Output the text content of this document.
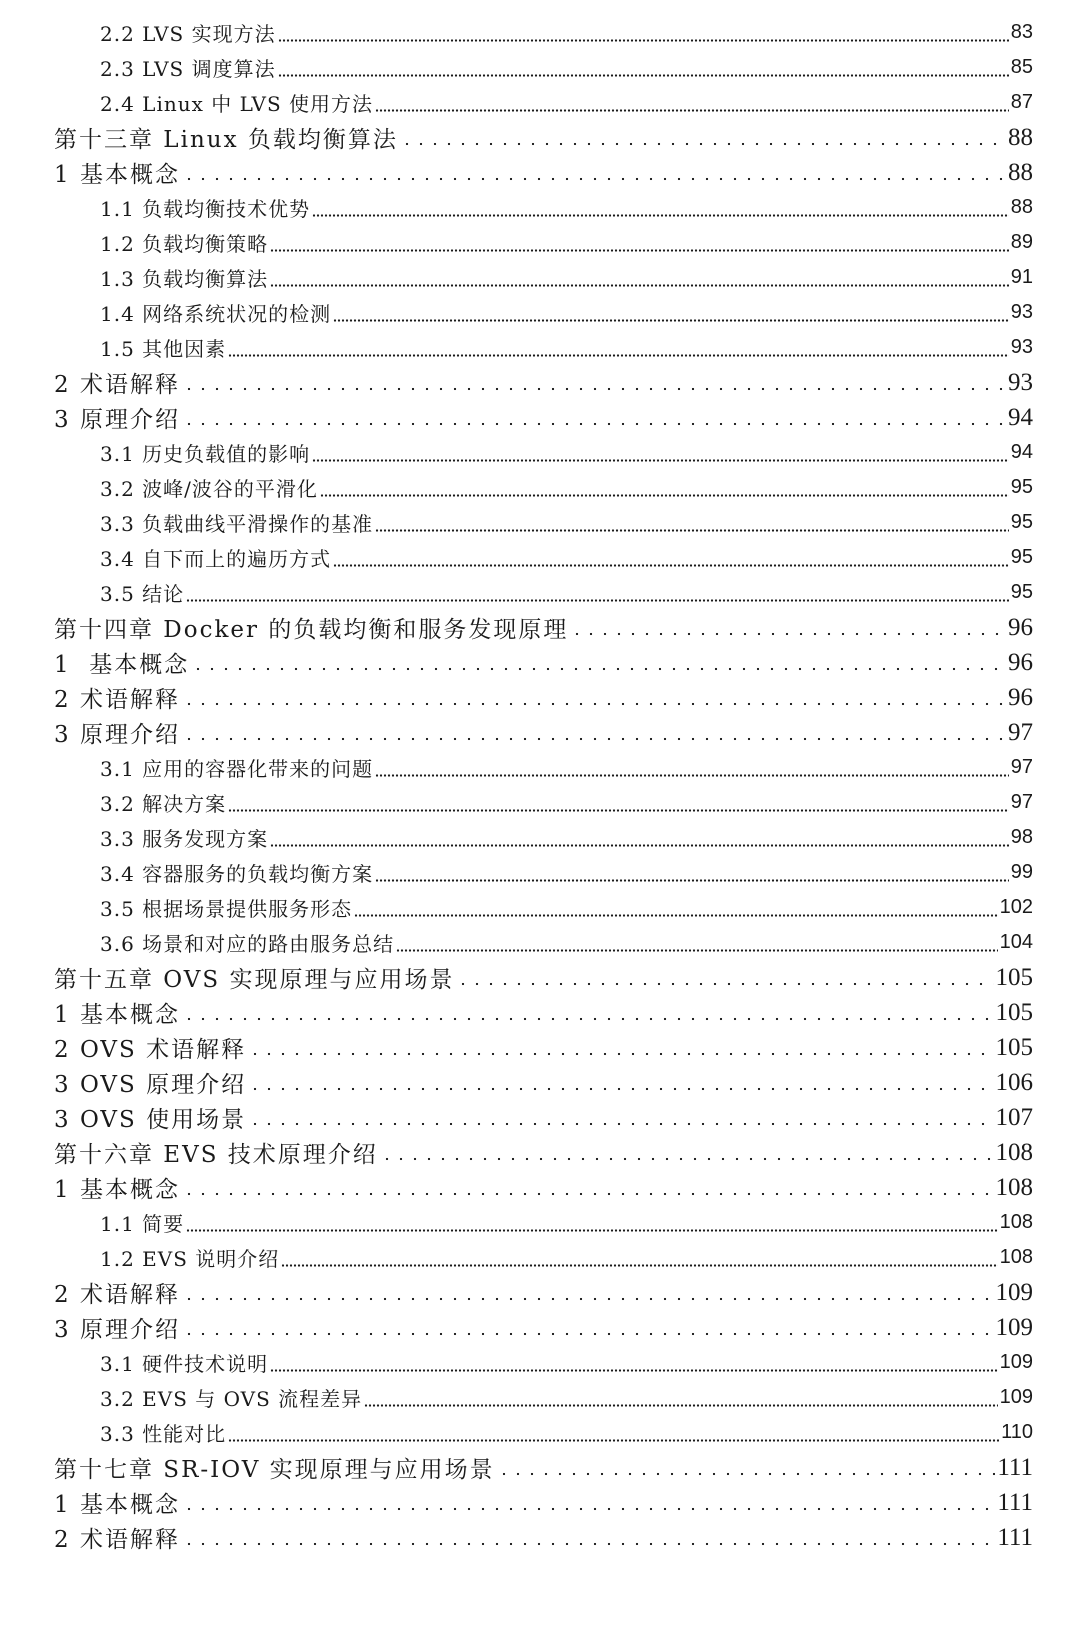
2.2 LVS 实现方法	83
2.3 LVS 调度算法	85
2.4 Linux 中 LVS 使用方法	87
第十三章 Linux 负载均衡算法	88
1 基本概念	88
1.1 负载均衡技术优势	88
1.2 负载均衡策略	89
1.3 负载均衡算法	91
1.4 网络系统状况的检测	93
1.5 其他因素	93
2 术语解释	93
3 原理介绍	94
3.1 历史负载值的影响	94
3.2 波峰/波谷的平滑化	95
3.3 负载曲线平滑操作的基准	95
3.4 自下而上的遍历方式	95
3.5 结论	95
第十四章 Docker 的负载均衡和服务发现原理	96
1  基本概念	96
2 术语解释	96
3 原理介绍	97
3.1 应用的容器化带来的问题	97
3.2 解决方案	97
3.3 服务发现方案	98
3.4 容器服务的负载均衡方案	99
3.5 根据场景提供服务形态	102
3.6 场景和对应的路由服务总结	104
第十五章 OVS 实现原理与应用场景	105
1 基本概念	105
2 OVS 术语解释	105
3 OVS 原理介绍	106
3 OVS 使用场景	107
第十六章 EVS 技术原理介绍	108
1 基本概念	108
1.1 简要	108
1.2 EVS 说明介绍	108
2 术语解释	109
3 原理介绍	109
3.1 硬件技术说明	109
3.2 EVS 与 OVS 流程差异	109
3.3 性能对比	110
第十七章 SR-IOV 实现原理与应用场景	111
1 基本概念	111
2 术语解释	111
